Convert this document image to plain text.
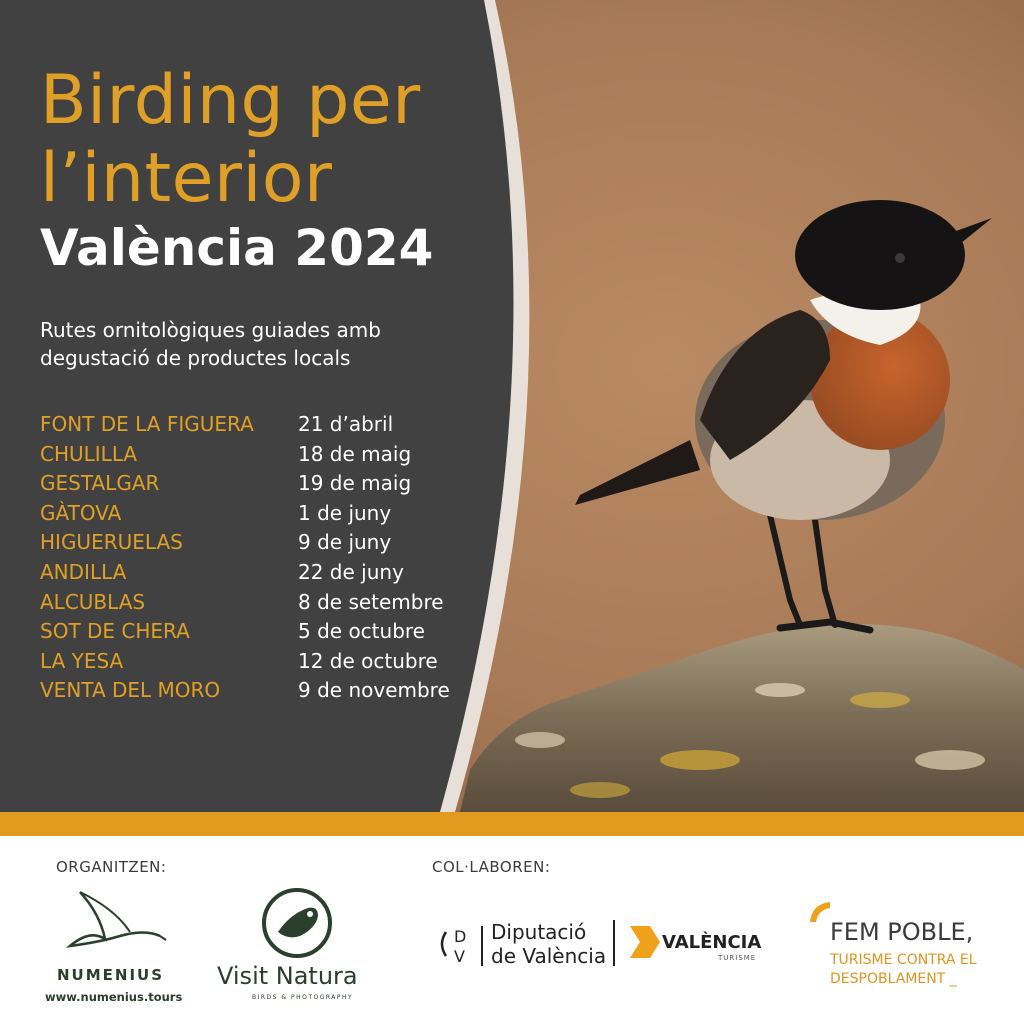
Birding per
l’interior
València 2024
Rutes ornitològiques guiades amb
degustació de productes locals
FONT DE LA FIGUERA	21 d’abril
CHULILLA	18 de maig
GESTALGAR	19 de maig
GÀTOVA	1 de juny
HIGUERUELAS	9 de juny
ANDILLA	22 de juny
ALCUBLAS	8 de setembre
SOT DE CHERA	5 de octubre
LA YESA	12 de octubre
VENTA DEL MORO	9 de novembre
ORGANITZEN:	COL·LABOREN:
NUMENIUS
www.numenius.tours
Visit Natura
BIRDS & PHOTOGRAPHY
D
V
Diputació
de València
VALÈNCIA
TURISME
FEM POBLE,
TURISME CONTRA EL
DESPOBLAMENT _
